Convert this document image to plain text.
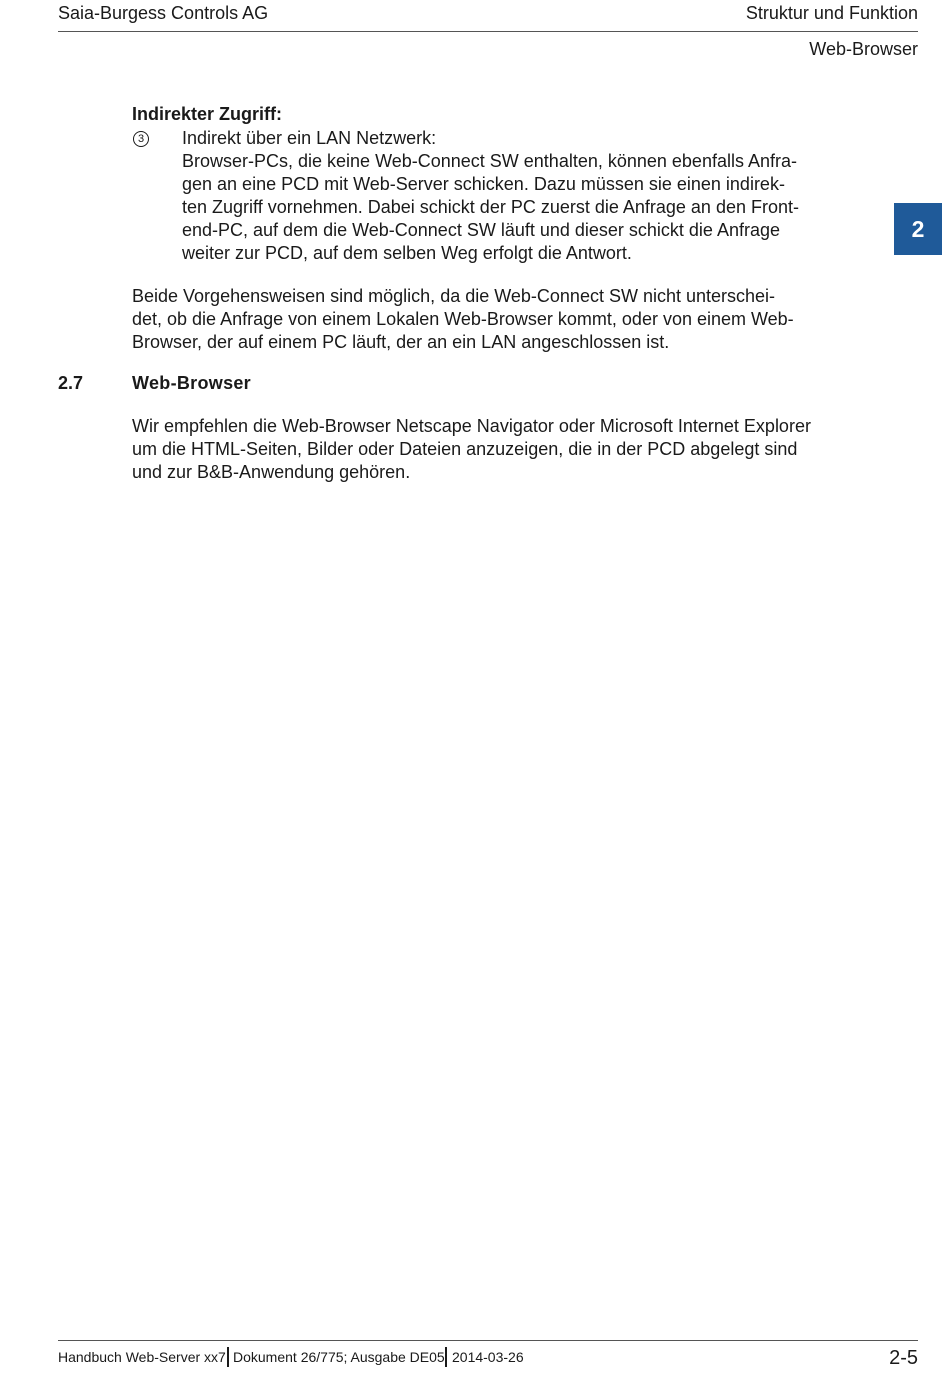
Saia-Burgess Controls AG	Struktur und Funktion
Web-Browser
2
Indirekter Zugriff:
3 Indirekt über ein LAN Netzwerk:
Browser-PCs, die keine Web-Connect SW enthalten, können ebenfalls Anfra-
gen an eine PCD mit Web-Server schicken. Dazu müssen sie einen indirek-
ten Zugriff vornehmen. Dabei schickt der PC zuerst die Anfrage an den Front-
end-PC, auf dem die Web-Connect SW läuft und dieser schickt die Anfrage
weiter zur PCD, auf dem selben Weg erfolgt die Antwort.
Beide Vorgehensweisen sind möglich, da die Web-Connect SW nicht unterschei-
det, ob die Anfrage von einem Lokalen Web-Browser kommt, oder von einem Web-
Browser, der auf einem PC läuft, der an ein LAN angeschlossen ist.
2.7	Web-Browser
Wir empfehlen die Web-Browser Netscape Navigator oder Microsoft Internet Explorer
um die HTML-Seiten, Bilder oder Dateien anzuzeigen, die in der PCD abgelegt sind
und zur B&B-Anwendung gehören.
Handbuch Web-Server xx7 Dokument 26/775; Ausgabe DE05 2014-03-26	2-5
